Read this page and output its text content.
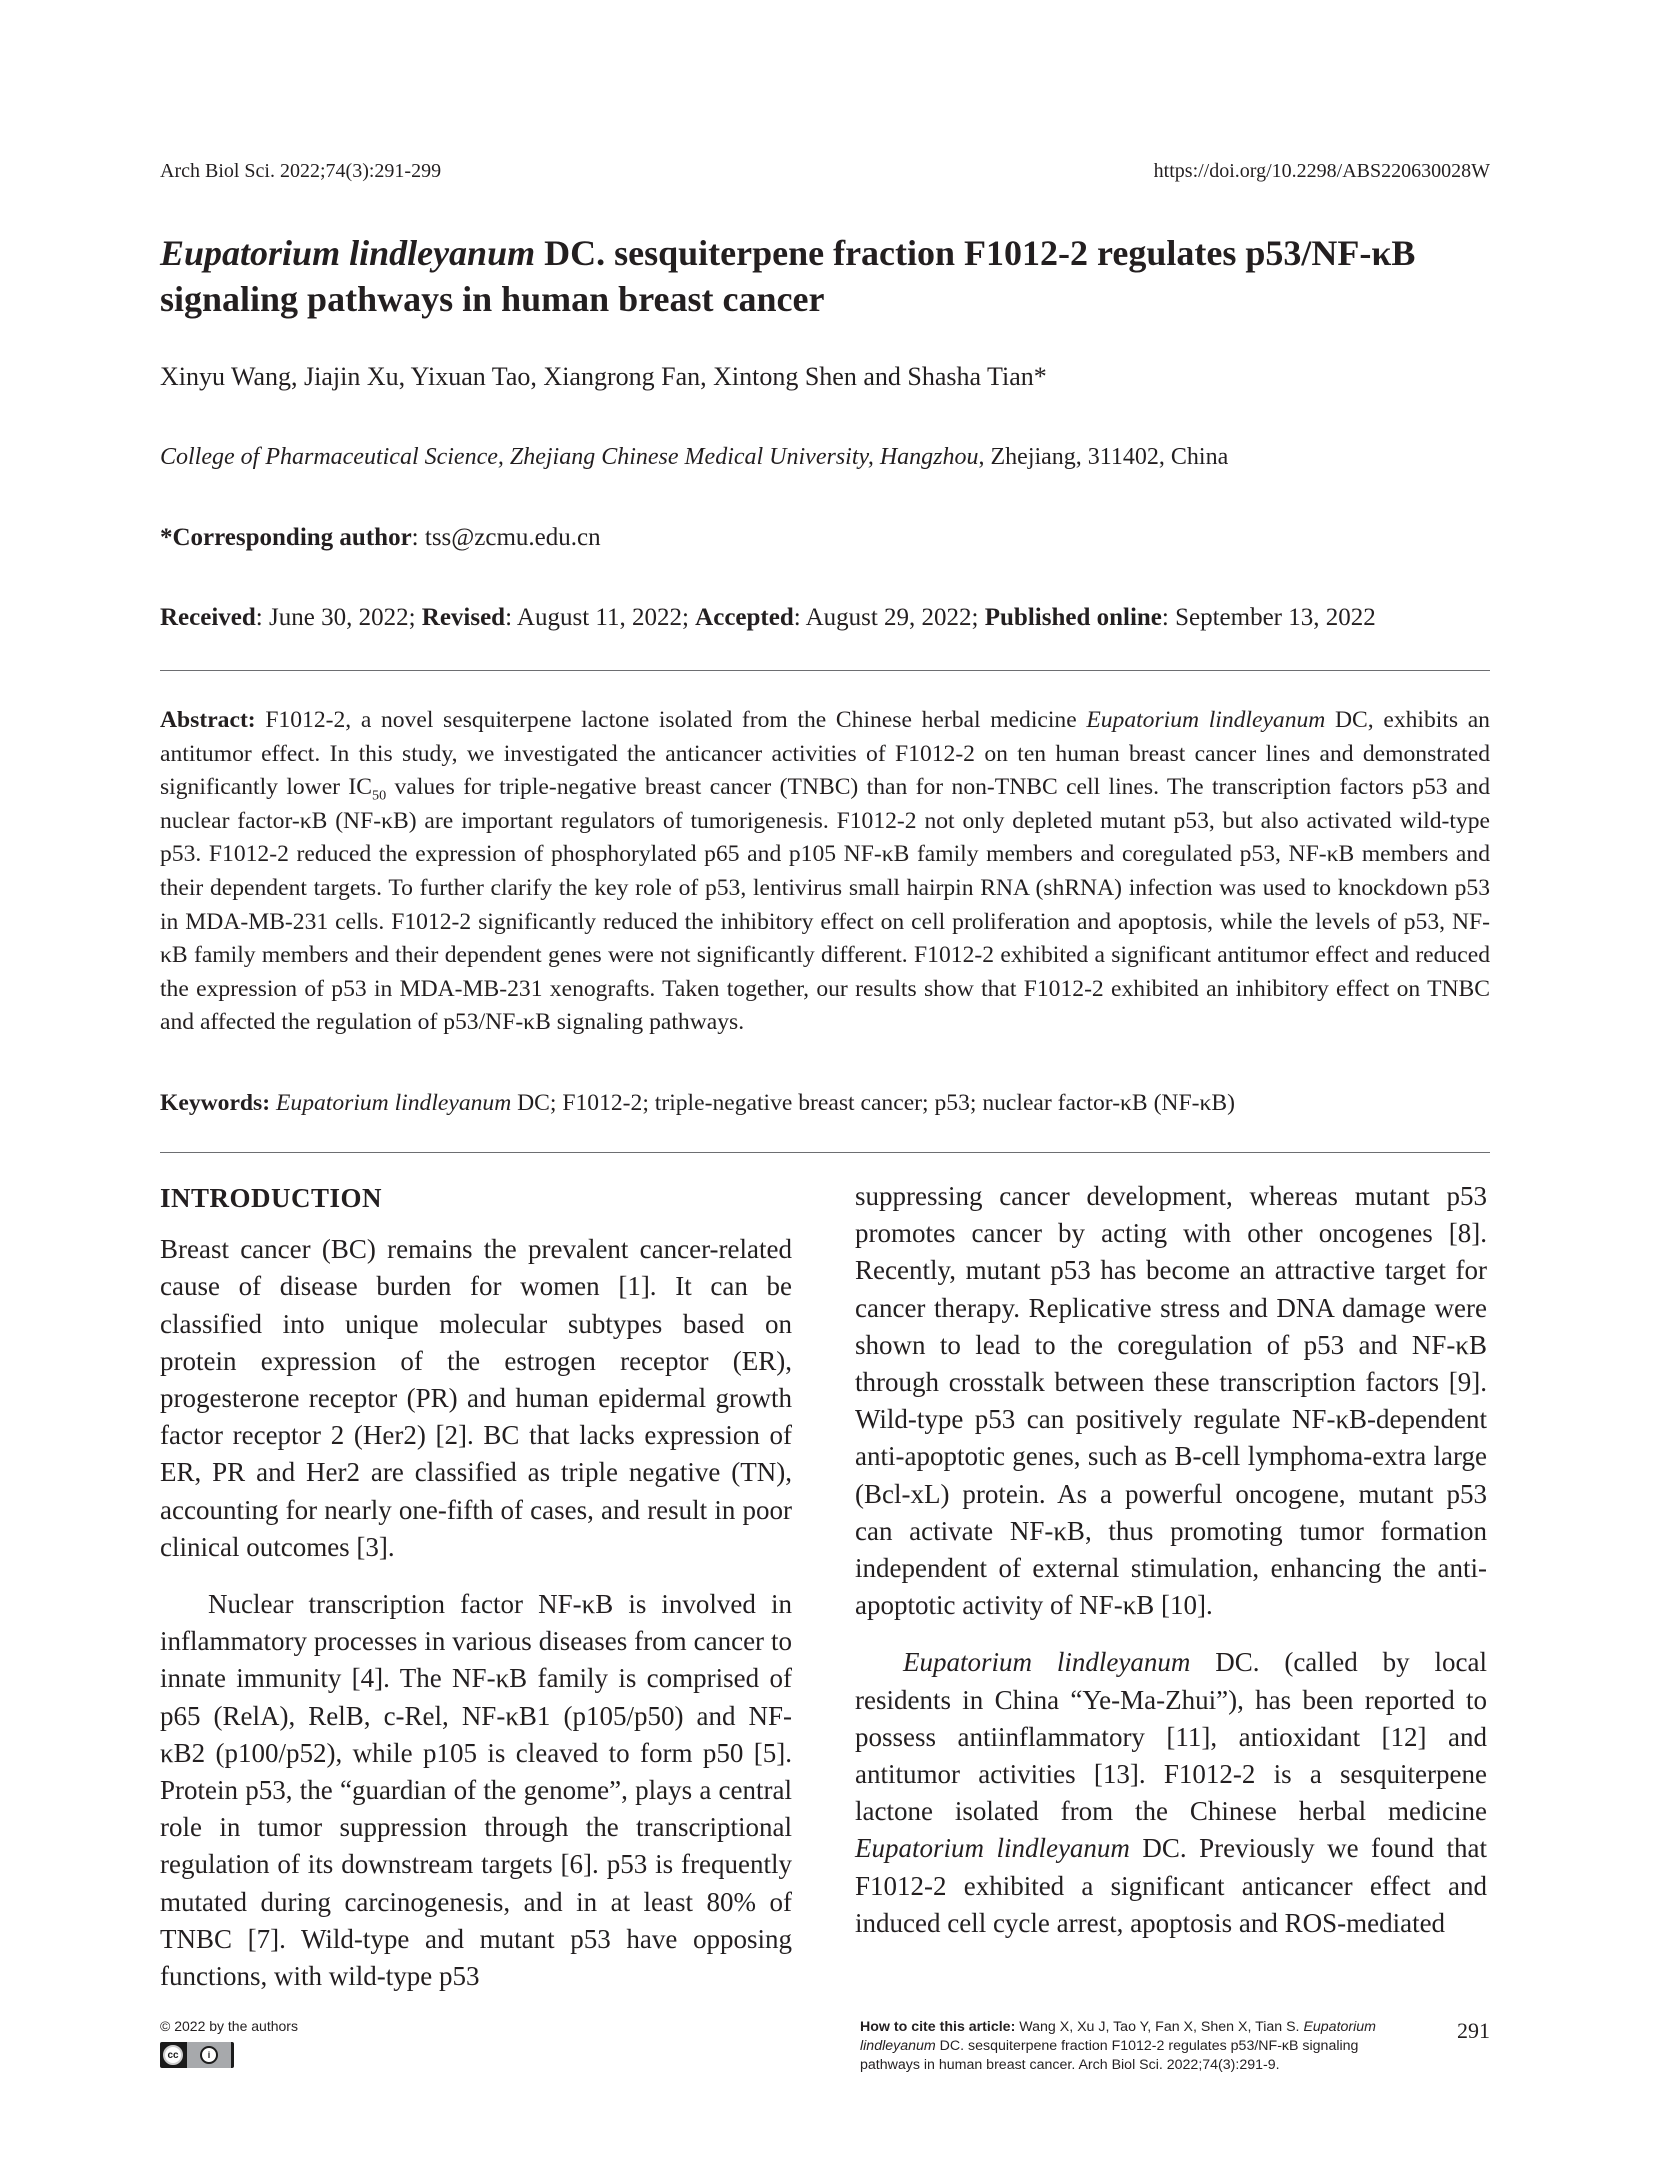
Arch Biol Sci. 2022;74(3):291-299	https://doi.org/10.2298/ABS220630028W
Eupatorium lindleyanum DC. sesquiterpene fraction F1012-2 regulates p53/NF-κB
signaling pathways in human breast cancer
Xinyu Wang, Jiajin Xu, Yixuan Tao, Xiangrong Fan, Xintong Shen and Shasha Tian*
College of Pharmaceutical Science, Zhejiang Chinese Medical University, Hangzhou, Zhejiang, 311402, China
*Corresponding author: tss@zcmu.edu.cn
Received: June 30, 2022; Revised: August 11, 2022; Accepted: August 29, 2022; Published online: September 13, 2022

Abstract: F1012-2, a novel sesquiterpene lactone isolated from the Chinese herbal medicine Eupatorium lindleyanum DC, exhibits an antitumor effect. In this study, we investigated the anticancer activities of F1012-2 on ten human breast cancer lines and demonstrated significantly lower $IC_{50}$ values for triple-negative breast cancer (TNBC) than for non-TNBC cell lines. The transcription factors p53 and nuclear factor-κB (NF-κB) are important regulators of tumorigenesis. F1012-2 not only depleted mutant p53, but also activated wild-type p53. F1012-2 reduced the expression of phosphorylated p65 and p105 NF-κB family members and coregulated p53, NF-κB members and their dependent targets. To further clarify the key role of p53, lentivirus small hairpin RNA (shRNA) infection was used to knockdown p53 in MDA-MB-231 cells. F1012-2 significantly reduced the inhibitory effect on cell proliferation and apoptosis, while the levels of p53, NF-κB family members and their dependent genes were not significantly different. F1012-2 exhibited a significant antitumor effect and reduced the expression of p53 in MDA-MB-231 xenografts. Taken together, our results show that F1012-2 exhibited an inhibitory effect on TNBC and affected the regulation of p53/NF-κB signaling pathways.

Keywords: Eupatorium lindleyanum DC; F1012-2; triple-negative breast cancer; p53; nuclear factor-κB (NF-κB)
INTRODUCTION

Breast cancer (BC) remains the prevalent cancer-related cause of disease burden for women [1]. It can be classified into unique molecular subtypes based on protein expression of the estrogen receptor (ER), progesterone receptor (PR) and human epidermal growth factor receptor 2 (Her2) [2]. BC that lacks expression of ER, PR and Her2 are classified as triple negative (TN), accounting for nearly one-fifth of cases, and result in poor clinical outcomes [3].

Nuclear transcription factor NF-κB is involved in inflammatory processes in various diseases from cancer to innate immunity [4]. The NF-κB family is comprised of p65 (RelA), RelB, c-Rel, NF-κB1 (p105/p50) and NF-κB2 (p100/p52), while p105 is cleaved to form p50 [5]. Protein p53, the “guardian of the genome”, plays a central role in tumor suppression through the transcriptional regulation of its downstream targets [6]. p53 is frequently mutated during carcinogenesis, and in at least 80% of TNBC [7]. Wild-type and mutant p53 have opposing functions, with wild-type p53

suppressing cancer development, whereas mutant p53 promotes cancer by acting with other oncogenes [8]. Recently, mutant p53 has become an attractive target for cancer therapy. Replicative stress and DNA damage were shown to lead to the coregulation of p53 and NF-κB through crosstalk between these transcription factors [9]. Wild-type p53 can positively regulate NF-κB-dependent anti-apoptotic genes, such as B-cell lymphoma-extra large (Bcl-xL) protein. As a powerful oncogene, mutant p53 can activate NF-κB, thus promoting tumor formation independent of external stimulation, enhancing the anti-apoptotic activity of NF-κB [10].

Eupatorium lindleyanum DC. (called by local residents in China “Ye-Ma-Zhui”), has been reported to possess antiinflammatory [11], antioxidant [12] and antitumor activities [13]. F1012-2 is a sesquiterpene lactone isolated from the Chinese herbal medicine Eupatorium lindleyanum DC. Previously we found that F1012-2 exhibited a significant anticancer effect and induced cell cycle arrest, apoptosis and ROS-mediated

© 2022 by the authors
cc	i
How to cite this article: Wang X, Xu J, Tao Y, Fan X, Shen X, Tian S. Eupatorium lindleyanum DC. sesquiterpene fraction F1012-2 regulates p53/NF-κB signaling pathways in human breast cancer. Arch Biol Sci. 2022;74(3):291-9.
291
